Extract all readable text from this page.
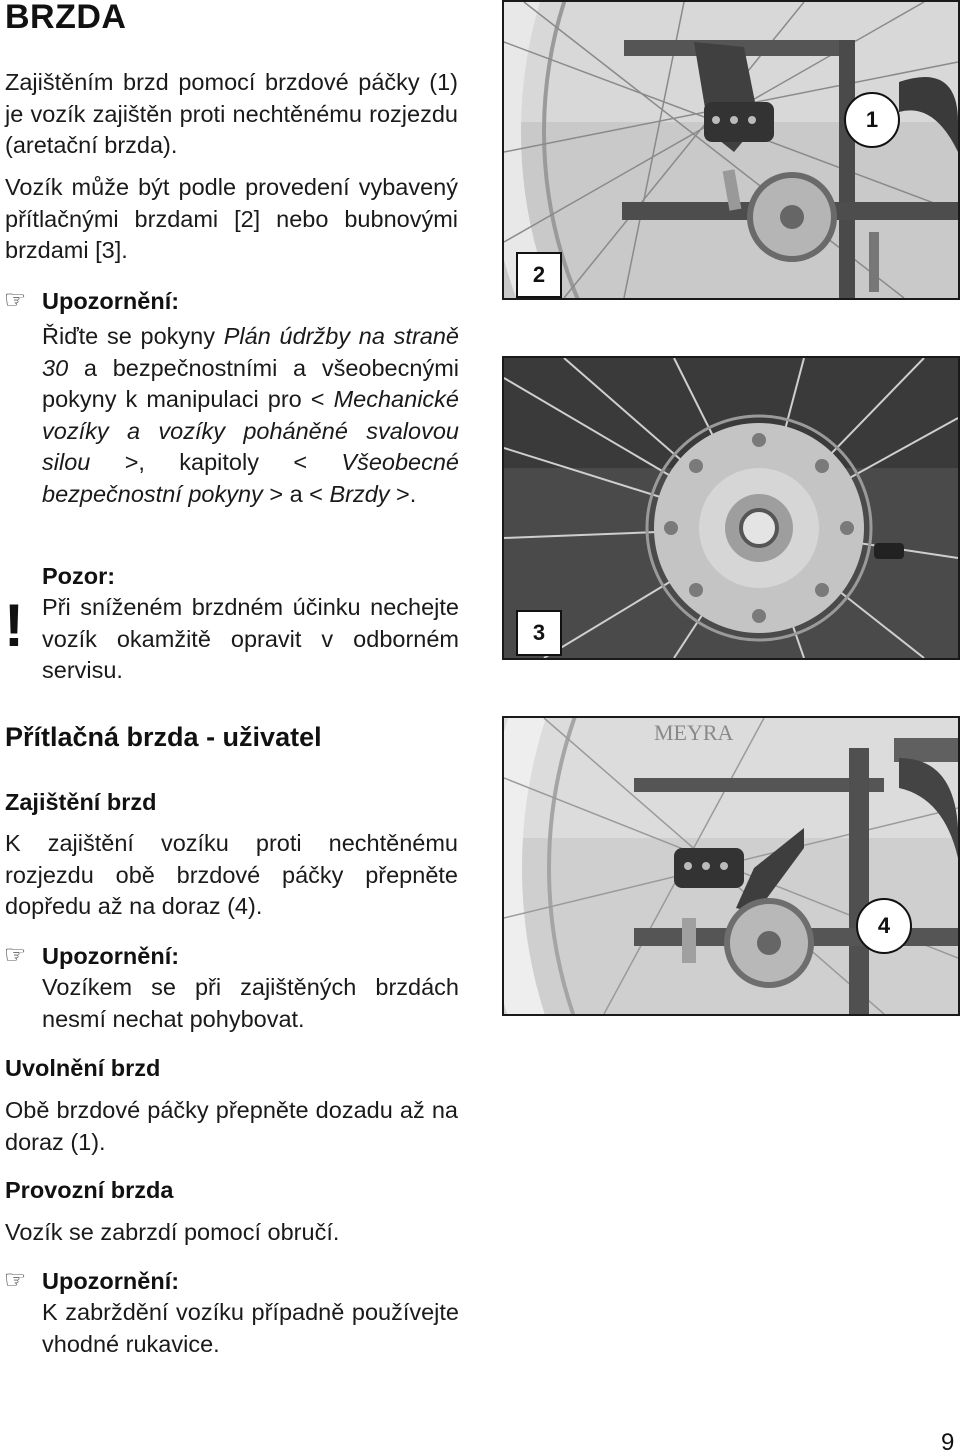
BRZDA
Zajištěním brzd pomocí brzdové páčky (1) je vozík zajištěn proti nechtěnému rozjezdu (aretační brzda).
Vozík může být podle provedení vybavený přítlačnými brzdami [2] nebo bubnovými brzdami [3].
☞ Upozornění:
Řiďte se pokyny Plán údržby na straně 30 a bezpečnostními a všeobecnými pokyny k manipulaci pro < Mechanické vozíky a vozíky poháněné svalovou silou >, kapitoly < Všeobecné bezpečnostní pokyny > a < Brzdy >.
!
Pozor:
Při sníženém brzdném účinku nechejte vozík okamžitě opravit v odborném servisu.
Přítlačná brzda - uživatel
Zajištění brzd
K zajištění vozíku proti nechtěnému rozjezdu obě brzdové páčky přepněte dopředu až na doraz (4).
☞ Upozornění:
Vozíkem se při zajištěných brzdách nesmí nechat pohybovat.
Uvolnění brzd
Obě brzdové páčky přepněte dozadu až na doraz (1).
Provozní brzda
Vozík se zabrzdí pomocí obručí.
☞ Upozornění:
K zabrždění vozíku případně používejte vhodné rukavice.
9
1
2
3
MEYRA
4
